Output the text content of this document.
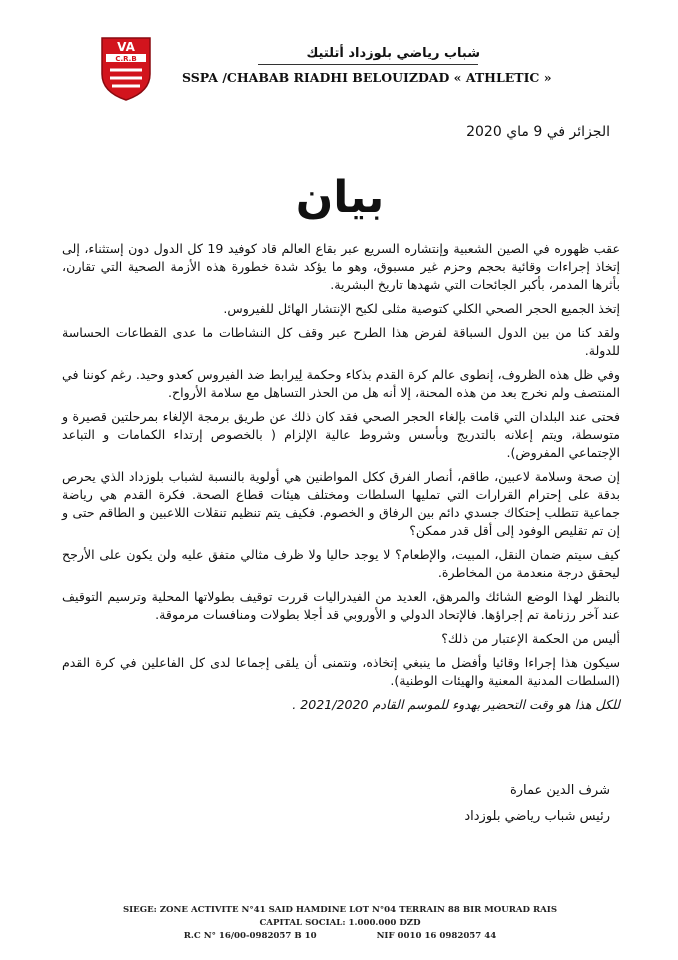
VA
C.R.B	شباب رياضي بلوزداد أتلتيك
SSPA /CHABAB RIADHI BELOUIZDAD « ATHLETIC »
الجزائر في 9 ماي 2020
بيان

عقب ظهوره في الصين الشعبية وإنتشاره السريع عبر بقاع العالم قاد كوفيد 19 كل الدول دون إستثناء، إلى إتخاذ إجراءات وقائية بحجم وحزم غير مسبوق، وهو ما يؤكد شدة خطورة هذه الأزمة الصحية التي تقارن، بأثرها المدمر، بأكبر الجائحات التي شهدها تاريخ البشرية.

إتخذ الجميع الحجر الصحي الكلي كتوصية مثلى لكبح الإنتشار الهائل للفيروس.

ولقد كنا من بين الدول السباقة لفرض هذا الطرح عبر وقف كل النشاطات ما عدى القطاعات الحساسة للدولة.

وفي ظل هذه الظروف، إنطوى عالم كرة القدم بذكاء وحكمة لِيرابط ضد الفيروس كعدو وحيد. رغم كوننا في المنتصف ولم نخرج بعد من هذه المحنة، إلا أنه هل من الحذر التساهل مع سلامة الأرواح.

فحتى عند البلدان التي قامت بإلغاء الحجر الصحي فقد كان ذلك عن طريق برمجة الإلغاء بمرحلتين قصيرة و متوسطة، ويتم إعلانه بالتدريج وبأسس وشروط عالية الإلزام ( بالخصوص إرتداء الكمامات و التباعد الإجتماعي المفروض).

إن صحة وسلامة لاعبين، طاقم، أنصار الفرق ككل المواطنين هي أولوية بالنسبة لشباب بلوزداد الذي يحرص بدقة على إحترام القرارات التي تمليها السلطات ومختلف هيئات قطاع الصحة. فكرة القدم هي رياضة جماعية تتطلب إحتكاك جسدي دائم بين الرفاق و الخصوم. فكيف يتم تنظيم تنقلات اللاعبين و الطاقم حتى و إن تم تقليص الوفود إلى أقل قدر ممكن؟

كيف سيتم ضمان النقل، المبيت، والإطعام؟ لا يوجد حاليا ولا ظرف مثالي متفق عليه ولن يكون على الأرجح ليحقق درجة منعدمة من المخاطرة.

بالنظر لهذا الوضع الشائك والمرهق، العديد من الفيدراليات قررت توقيف بطولاتها المحلية وترسيم التوقيف عند آخر رزنامة تم إجراؤها. فالإتحاد الدولي و الأوروبي قد أجلا بطولات ومنافسات مرموقة.

أليس من الحكمة الإعتبار من ذلك؟

سيكون هذا إجراءا وقائيا وأفضل ما ينبغي إتخاذه، ونتمنى أن يلقى إجماعا لدى كل الفاعلين في كرة القدم (السلطات المدنية المعنية والهيئات الوطنية).

للكل هذا هو وقت التحضير بهدوء للموسم القادم 2021/2020 .

شرف الدين عمارة
رئيس شباب رياضي بلوزداد
SIEGE: ZONE ACTIVITE N°41 SAID HAMDINE LOT N°04 TERRAIN 88 BIR MOURAD RAIS
CAPITAL SOCIAL: 1.000.000 DZD
R.C N° 16/00-0982057 B 10	NIF 0010 16 0982057 44
